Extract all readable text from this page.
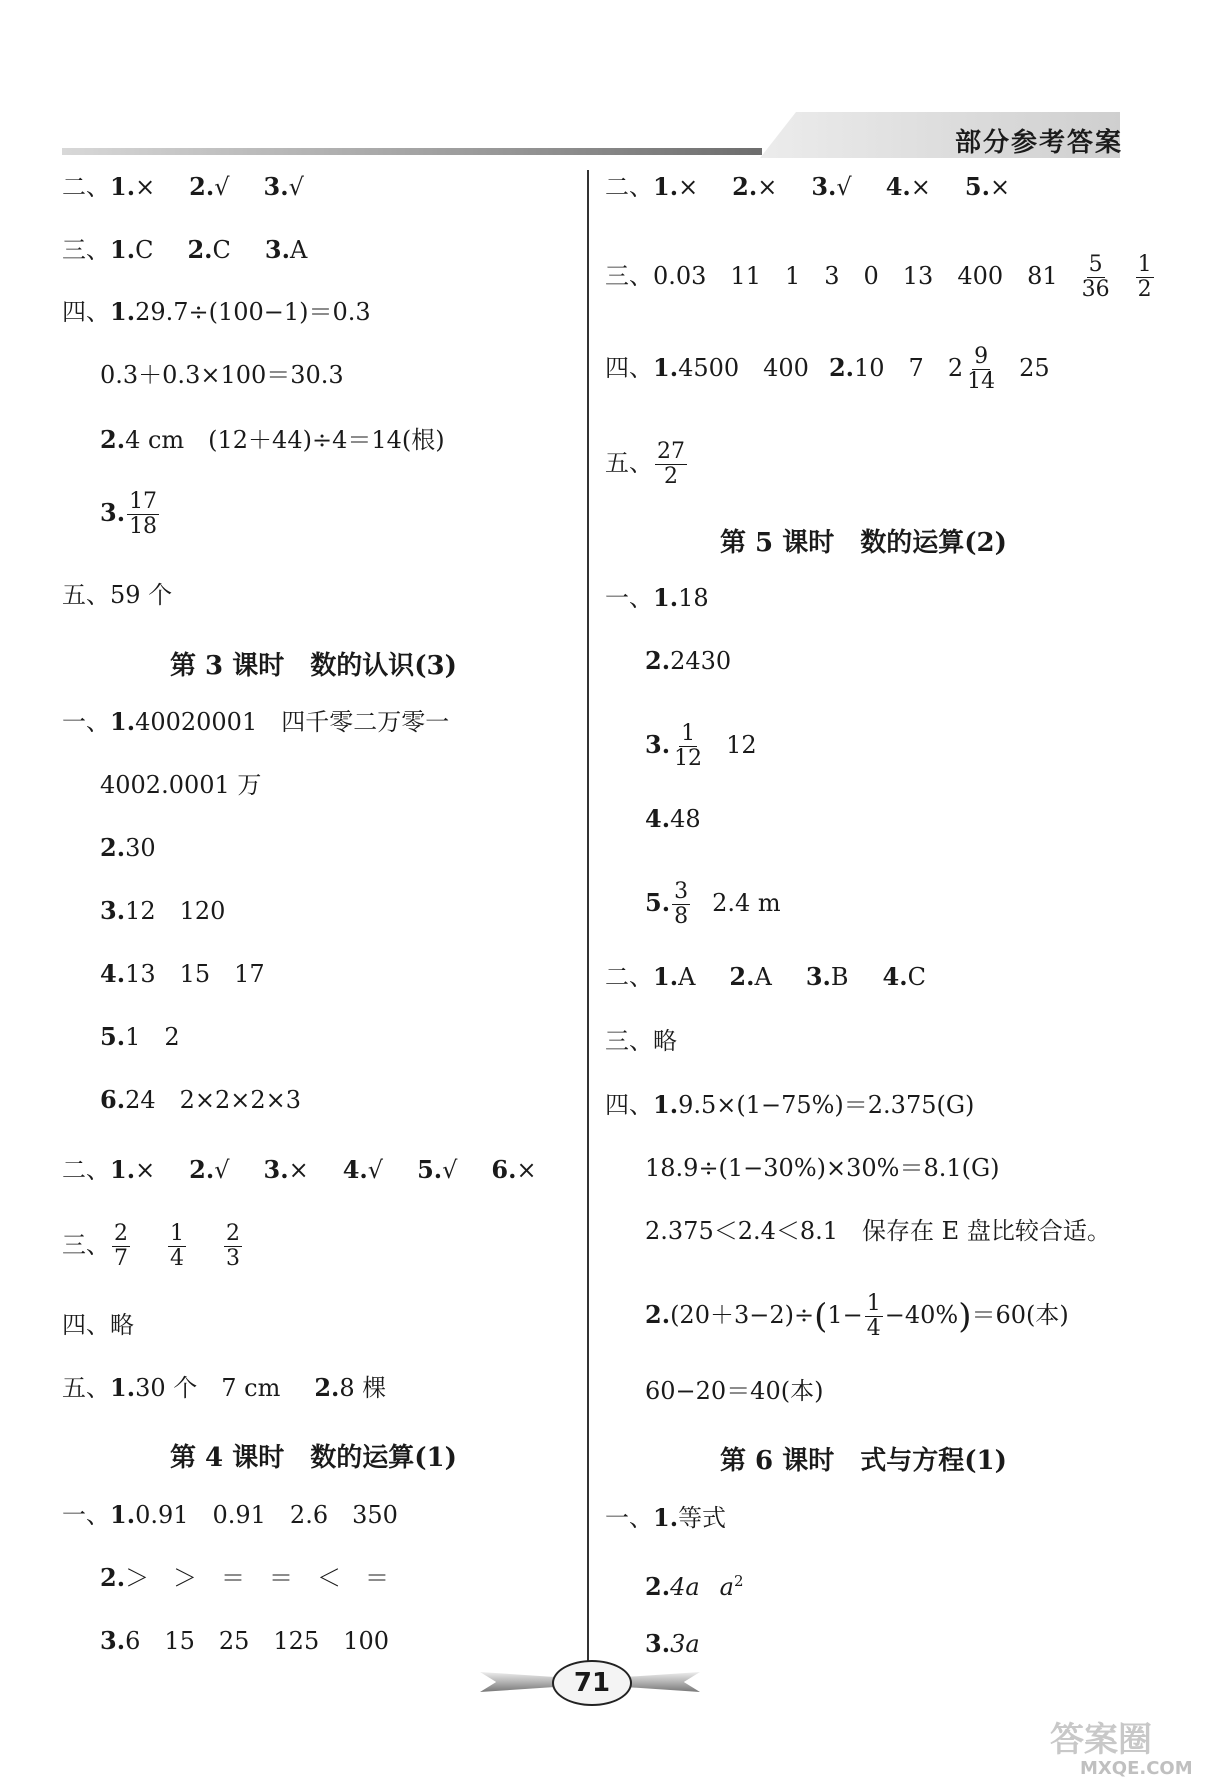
部分参考答案
二、1.× 2.√ 3.√
三、1.C 2.C 3.A
四、1.29.7÷(100−1)＝0.3
0.3＋0.3×100＝30.3
2.4 cm　(12＋44)÷4＝14(根)
3. $\frac{17}{18}$
五、59 个
第 3 课时　数的认识(3)
一、1.40020001　四千零二万零一
4002.0001 万
2.30
3.12　120
4.13　15　17
5.1　2
6.24　2×2×2×3
二、1.× 2.√ 3.× 4.√ 5.√ 6.×
三、 $\frac{2}{7} \frac{1}{4} \frac{2}{3}$
四、略
五、1.30 个　7 cm 2.8 棵
第 4 课时　数的运算(1)
一、1.0.91　0.91　2.6　350
2.＞　＞　＝　＝　＜　＝
3.6　15　25　125　100
二、1.× 2.× 3.√ 4.× 5.×
三、0.03　11　1　3　0　13　400　$81 \frac{5}{36} \frac{1}{2}$
四、1.4500　400 2.10　7　$2 \frac{9}{14} 25$
五、 $\frac{27}{2}$
第 5 课时　数的运算(2)
一、1.18
2.2430
3. $\frac{1}{12} 12$
4.48
5. $\frac{3}{8} 2.4$ m
二、1.A 2.A 3.B 4.C
三、略
四、1.9.5×(1−75%)＝2.375(G)
18.9÷(1−30%)×30%＝8.1(G)
2.375＜2.4＜8.1　保存在 E 盘比较合适。
$2.(20+3-2)\div(1- \frac{1}{4} -40\%)=60$(本)
60−20＝40(本)
第 6 课时　式与方程(1)
一、1.等式
2.4a $a^2$
3.3a
71
答案圈
MXQE.COM
